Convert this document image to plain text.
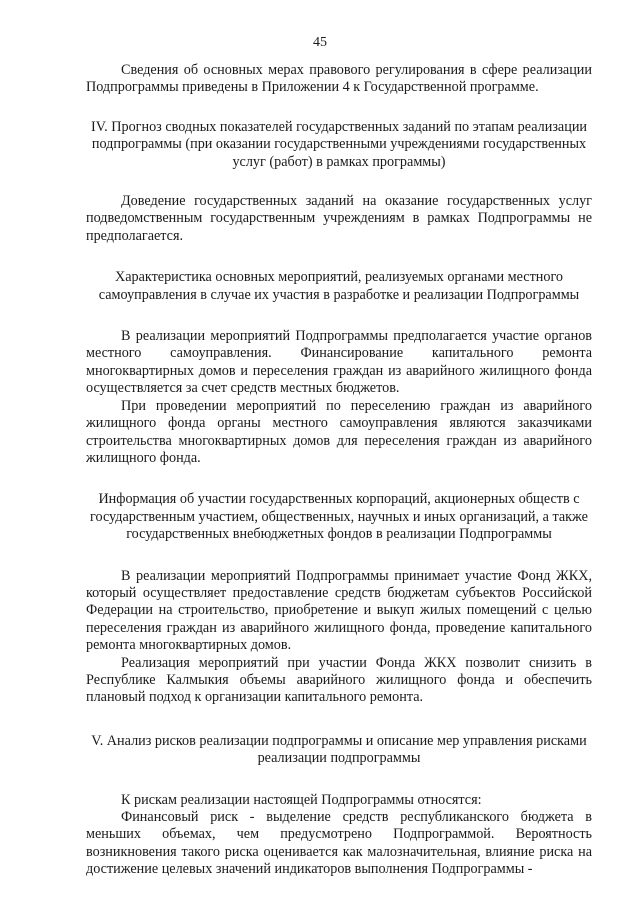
45

Сведения об основных мерах правового регулирования в сфере реализации Подпрограммы приведены в Приложении 4 к Государственной программе.

IV. Прогноз сводных показателей государственных заданий по этапам реализации подпрограммы (при оказании государственными учреждениями государственных услуг (работ) в рамках программы)

Доведение государственных заданий на оказание государственных услуг подведомственным государственным учреждениям в рамках Подпрограммы не предполагается.

Характеристика основных мероприятий, реализуемых органами местного самоуправления в случае их участия в разработке и реализации Подпрограммы

В реализации мероприятий Подпрограммы предполагается участие органов местного самоуправления. Финансирование капитального ремонта многоквартирных домов и переселения граждан из аварийного жилищного фонда осуществляется за счет средств местных бюджетов.

При проведении мероприятий по переселению граждан из аварийного жилищного фонда органы местного самоуправления являются заказчиками строительства многоквартирных домов для переселения граждан из аварийного жилищного фонда.

Информация об участии государственных корпораций, акционерных обществ с государственным участием, общественных, научных и иных организаций, а также государственных внебюджетных фондов в реализации Подпрограммы

В реализации мероприятий Подпрограммы принимает участие Фонд ЖКХ, который осуществляет предоставление средств бюджетам субъектов Российской Федерации на строительство, приобретение и выкуп жилых помещений с целью переселения граждан из аварийного жилищного фонда, проведение капитального ремонта многоквартирных домов.

Реализация мероприятий при участии Фонда ЖКХ позволит снизить в Республике Калмыкия объемы аварийного жилищного фонда и обеспечить плановый подход к организации капитального ремонта.

V. Анализ рисков реализации подпрограммы и описание мер управления рисками реализации подпрограммы

К рискам реализации настоящей Подпрограммы относятся:

Финансовый риск - выделение средств республиканского бюджета в меньших объемах, чем предусмотрено Подпрограммой. Вероятность возникновения такого риска оценивается как малозначительная, влияние риска на достижение целевых значений индикаторов выполнения Подпрограммы -
